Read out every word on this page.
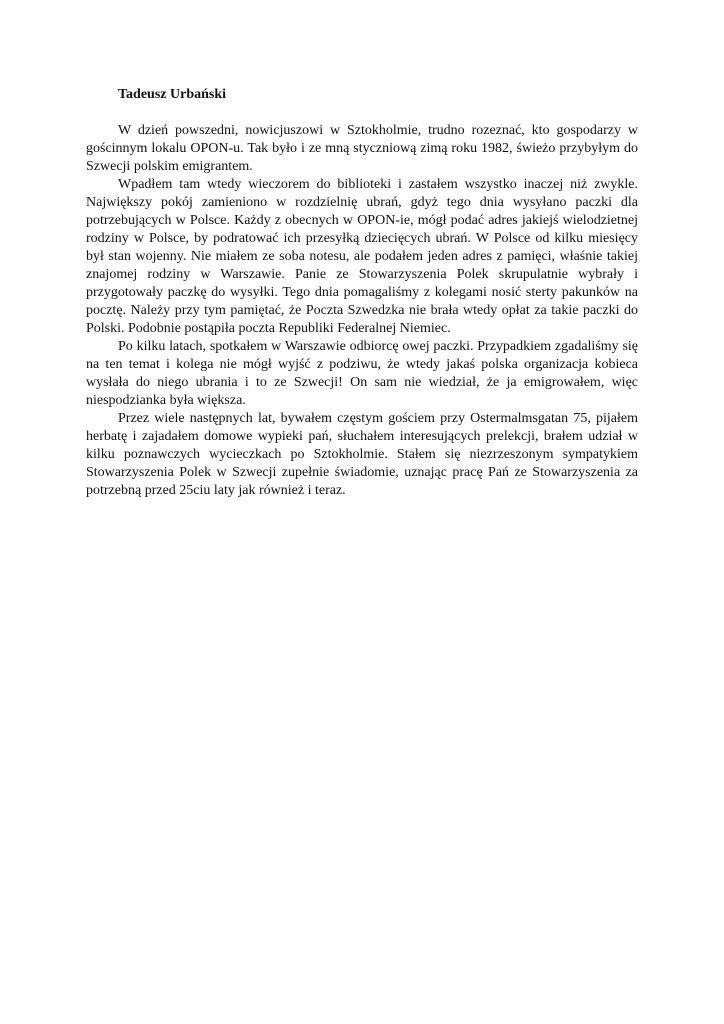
Tadeusz Urbański

W dzień powszedni, nowicjuszowi w Sztokholmie, trudno rozeznać, kto gospodarzy w gościnnym lokalu OPON-u. Tak było i ze mną styczniową zimą roku 1982, świeżo przybyłym do Szwecji polskim emigrantem.

Wpadłem tam wtedy wieczorem do biblioteki i zastałem wszystko inaczej niż zwykle. Największy pokój zamieniono w rozdzielnię ubrań, gdyż tego dnia wysyłano paczki dla potrzebujących w Polsce. Każdy z obecnych w OPON-ie, mógł podać adres jakiejś wielodzietnej rodziny w Polsce, by podratować ich przesyłką dziecięcych ubrań. W Polsce od kilku miesięcy był stan wojenny. Nie miałem ze soba notesu, ale podałem jeden adres z pamięci, właśnie takiej znajomej rodziny w Warszawie. Panie ze Stowarzyszenia Polek skrupulatnie wybrały i przygotowały paczkę do wysyłki. Tego dnia pomagaliśmy z kolegami nosić sterty pakunków na pocztę. Należy przy tym pamiętać, że Poczta Szwedzka nie brała wtedy opłat za takie paczki do Polski. Podobnie postąpiła poczta Republiki Federalnej Niemiec.

Po kilku latach, spotkałem w Warszawie odbiorcę owej paczki. Przypadkiem zgadaliśmy się na ten temat i kolega nie mógł wyjść z podziwu, że wtedy jakaś polska organizacja kobieca wysłała do niego ubrania i to ze Szwecji! On sam nie wiedział, że ja emigrowałem, więc niespodzianka była większa.

Przez wiele następnych lat, bywałem częstym gościem przy Ostermalmsgatan 75, pijałem herbatę i zajadałem domowe wypieki pań, słuchałem interesujących prelekcji, brałem udział w kilku poznawczych wycieczkach po Sztokholmie. Stałem się niezrzeszonym sympatykiem Stowarzyszenia Polek w Szwecji zupełnie świadomie, uznając pracę Pań ze Stowarzyszenia za potrzebną przed 25ciu laty jak również i teraz.
